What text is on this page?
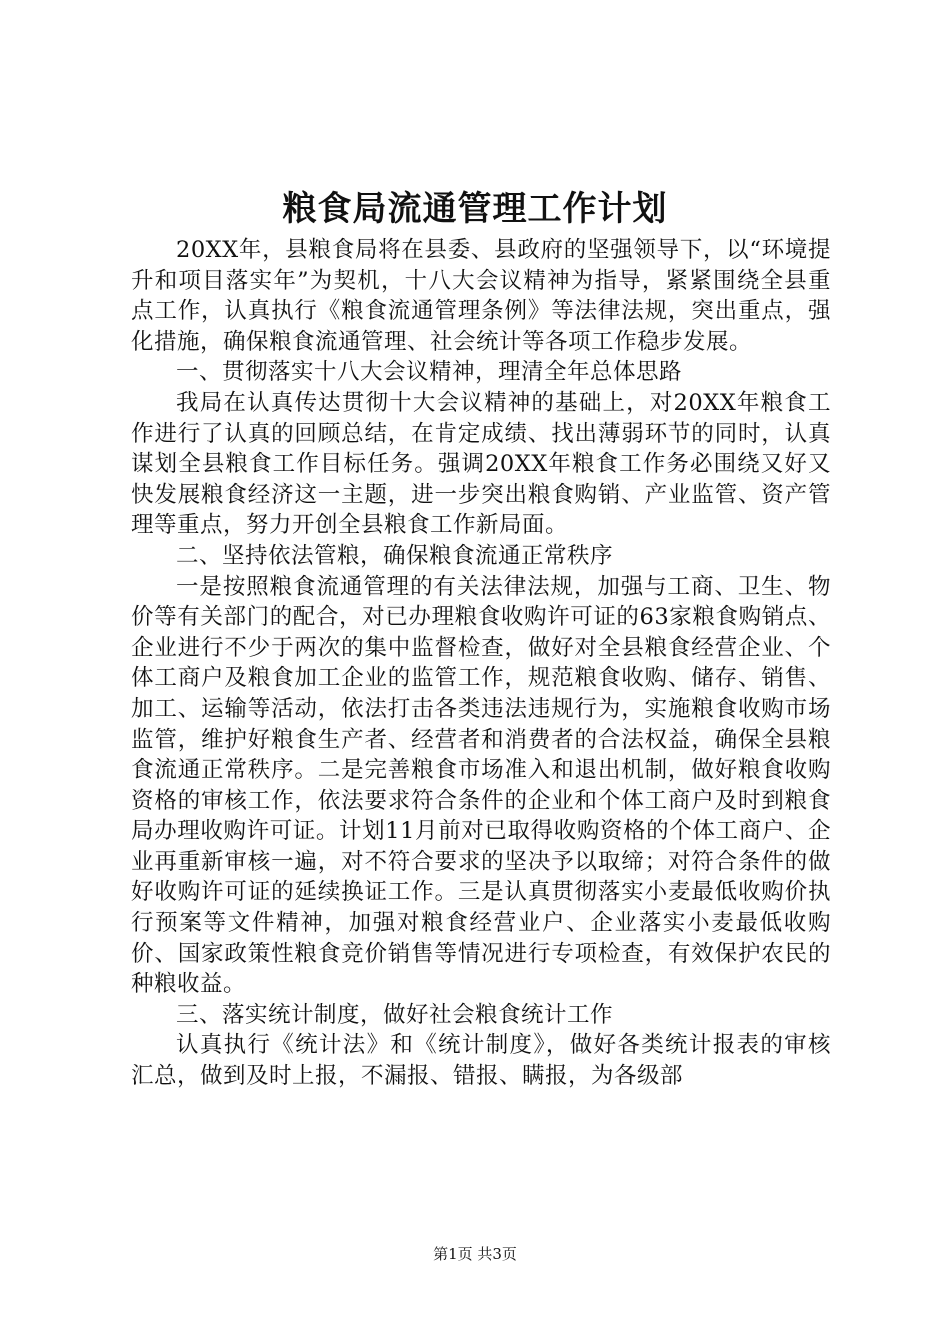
粮食局流通管理工作计划

20XX年，县粮食局将在县委、县政府的坚强领导下，以“环境提升和项目落实年”为契机，十八大会议精神为指导，紧紧围绕全县重点工作，认真执行《粮食流通管理条例》等法律法规，突出重点，强化措施，确保粮食流通管理、社会统计等各项工作稳步发展。

一、贯彻落实十八大会议精神，理清全年总体思路

我局在认真传达贯彻十大会议精神的基础上，对20XX年粮食工作进行了认真的回顾总结，在肯定成绩、找出薄弱环节的同时，认真谋划全县粮食工作目标任务。强调20XX年粮食工作务必围绕又好又快发展粮食经济这一主题，进一步突出粮食购销、产业监管、资产管理等重点，努力开创全县粮食工作新局面。

二、坚持依法管粮，确保粮食流通正常秩序

一是按照粮食流通管理的有关法律法规，加强与工商、卫生、物价等有关部门的配合，对已办理粮食收购许可证的63家粮食购销点、企业进行不少于两次的集中监督检查，做好对全县粮食经营企业、个体工商户及粮食加工企业的监管工作，规范粮食收购、储存、销售、加工、运输等活动，依法打击各类违法违规行为，实施粮食收购市场监管，维护好粮食生产者、经营者和消费者的合法权益，确保全县粮食流通正常秩序。二是完善粮食市场准入和退出机制，做好粮食收购资格的审核工作，依法要求符合条件的企业和个体工商户及时到粮食局办理收购许可证。计划11月前对已取得收购资格的个体工商户、企业再重新审核一遍，对不符合要求的坚决予以取缔；对符合条件的做好收购许可证的延续换证工作。三是认真贯彻落实小麦最低收购价执行预案等文件精神，加强对粮食经营业户、企业落实小麦最低收购价、国家政策性粮食竞价销售等情况进行专项检查，有效保护农民的种粮收益。

三、落实统计制度，做好社会粮食统计工作

认真执行《统计法》和《统计制度》，做好各类统计报表的审核汇总，做到及时上报，不漏报、错报、瞒报，为各级部

第1页 共3页
